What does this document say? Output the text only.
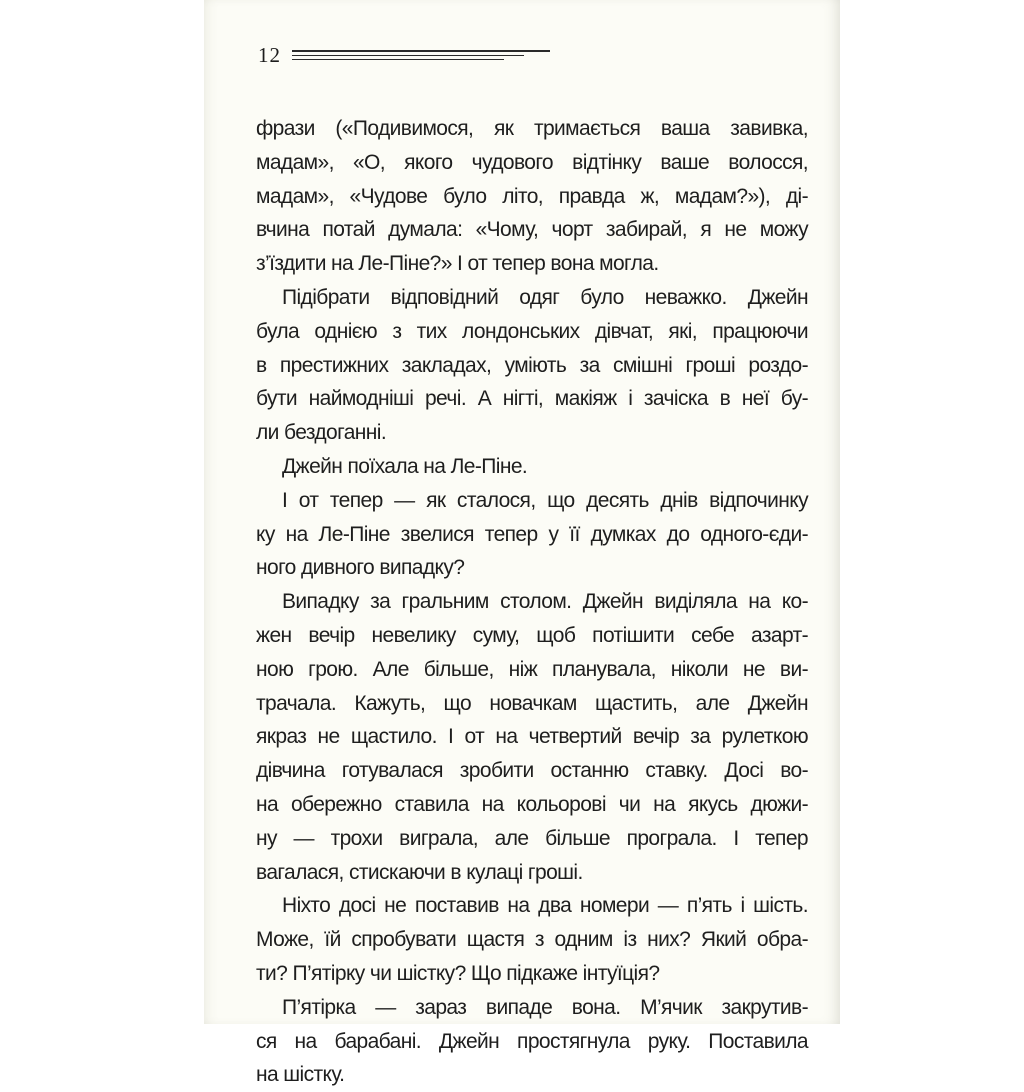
12
фрази («Подивимося, як тримається ваша завивка,
мадам», «О, якого чудового відтінку ваше волосся,
мадам», «Чудове було літо, правда ж, мадам?»), ді-
вчина потай думала: «Чому, чорт забирай, я не можу
з’їздити на Ле-Піне?» І от тепер вона могла.
Підібрати відповідний одяг було неважко. Джейн
була однією з тих лондонських дівчат, які, працюючи
в престижних закладах, уміють за смішні гроші роздо-
бути наймодніші речі. А нігті, макіяж і зачіска в неї бу-
ли бездоганні.
Джейн поїхала на Ле-Піне.
І от тепер — як сталося, що десять днів відпочинку
ку на Ле-Піне звелися тепер у її думках до одного-єди-
ного дивного випадку?
Випадку за гральним столом. Джейн виділяла на ко-
жен вечір невелику суму, щоб потішити себе азарт-
ною грою. Але більше, ніж планувала, ніколи не ви-
трачала. Кажуть, що новачкам щастить, але Джейн
якраз не щастило. І от на четвертий вечір за рулеткою
дівчина готувалася зробити останню ставку. Досі во-
на обережно ставила на кольорові чи на якусь дюжи-
ну — трохи виграла, але більше програла. І тепер
вагалася, стискаючи в кулаці гроші.
Ніхто досі не поставив на два номери — п’ять і шість.
Може, їй спробувати щастя з одним із них? Який обра-
ти? П’ятірку чи шістку? Що підкаже інтуїція?
П’ятірка — зараз випаде вона. М’ячик закрутив-
ся на барабані. Джейн простягнула руку. Поставила
на шістку.
